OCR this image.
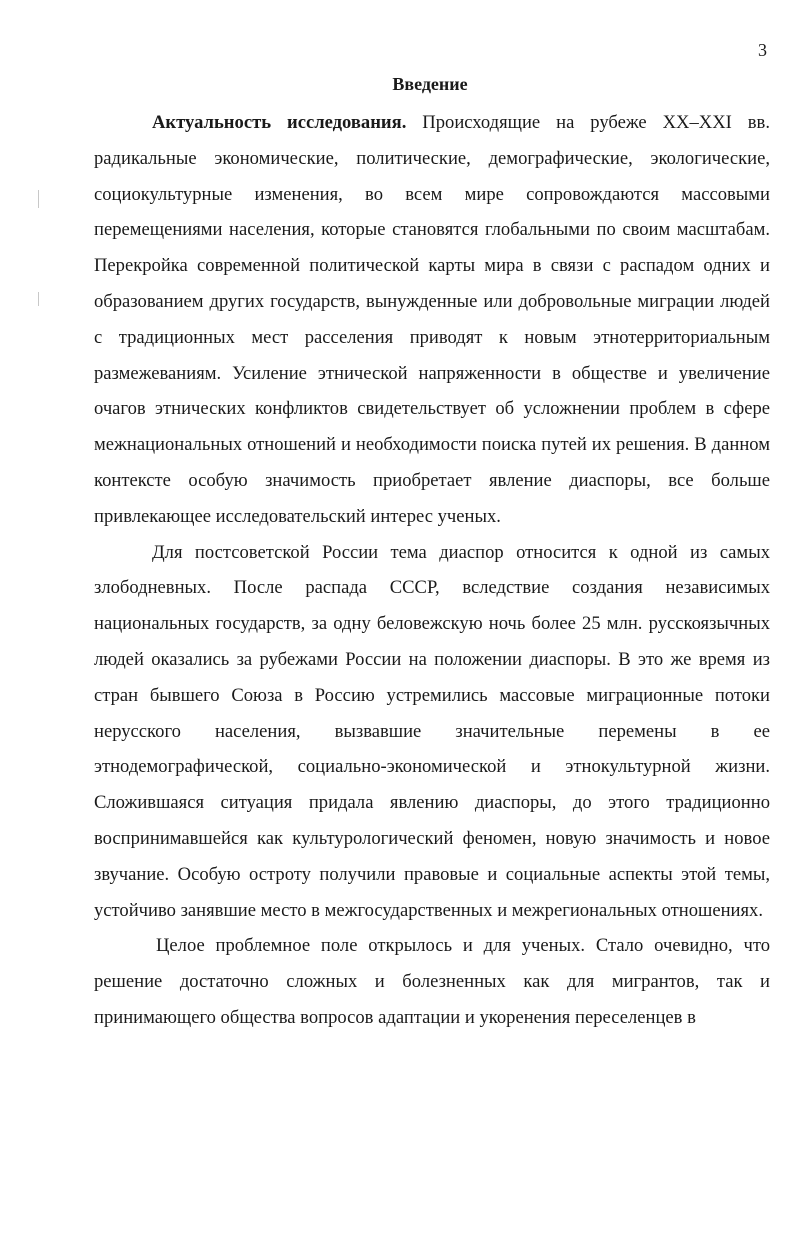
3
Введение

Актуальность исследования. Происходящие на рубеже XX–XXI вв. радикальные экономические, политические, демографические, экологические, социокультурные изменения, во всем мире сопровождаются массовыми перемещениями населения, которые становятся глобальными по своим масштабам. Перекройка современной политической карты мира в связи с распадом одних и образованием других государств, вынужденные или добровольные миграции людей с традиционных мест расселения приводят к новым этнотерриториальным размежеваниям. Усиление этнической напряженности в обществе и увеличение очагов этнических конфликтов свидетельствует об усложнении проблем в сфере межнациональных отношений и необходимости поиска путей их решения. В данном контексте особую значимость приобретает явление диаспоры, все больше привлекающее исследовательский интерес ученых.

Для постсоветской России тема диаспор относится к одной из самых злободневных. После распада СССР, вследствие создания независимых национальных государств, за одну беловежскую ночь более 25 млн. русскоязычных людей оказались за рубежами России на положении диаспоры. В это же время из стран бывшего Союза в Россию устремились массовые миграционные потоки нерусского населения, вызвавшие значительные перемены в ее этнодемографической, социально-экономической и этнокультурной жизни. Сложившаяся ситуация придала явлению диаспоры, до этого традиционно воспринимавшейся как культурологический феномен, новую значимость и новое звучание. Особую остроту получили правовые и социальные аспекты этой темы, устойчиво занявшие место в межгосударственных и межрегиональных отношениях.

Целое проблемное поле открылось и для ученых. Стало очевидно, что решение достаточно сложных и болезненных как для мигрантов, так и принимающего общества вопросов адаптации и укоренения переселенцев в
